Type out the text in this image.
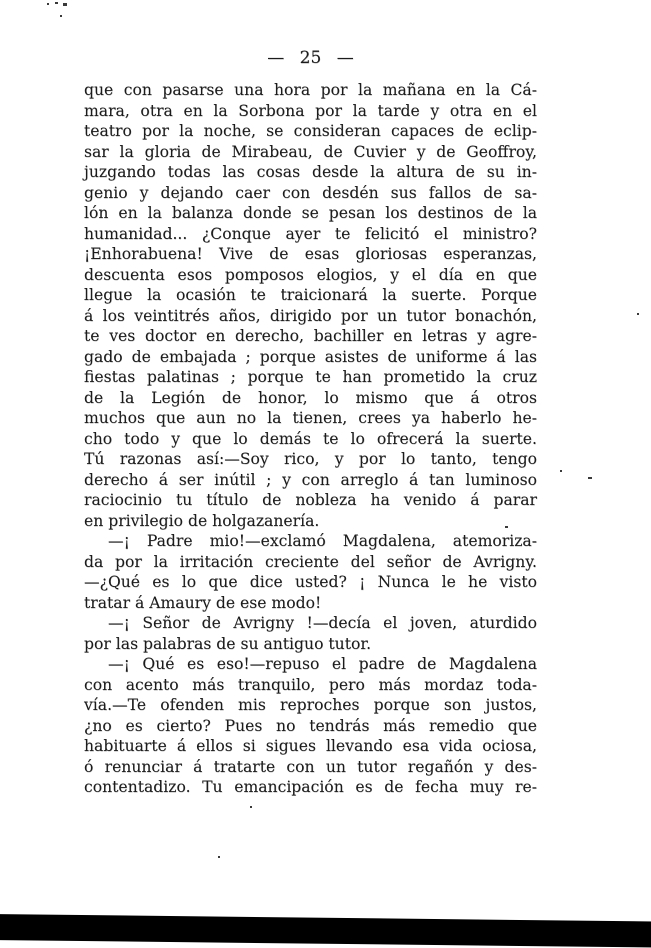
— 25 —
que con pasarse una hora por la mañana en la Cá-
mara, otra en la Sorbona por la tarde y otra en el
teatro por la noche, se consideran capaces de eclip-
sar la gloria de Mirabeau, de Cuvier y de Geoffroy,
juzgando todas las cosas desde la altura de su in-
genio y dejando caer con desdén sus fallos de sa-
lón en la balanza donde se pesan los destinos de la
humanidad... ¿Conque ayer te felicitó el ministro?
¡Enhorabuena! Vive de esas gloriosas esperanzas,
descuenta esos pomposos elogios, y el día en que
llegue la ocasión te traicionará la suerte. Porque
á los veintitrés años, dirigido por un tutor bonachón,
te ves doctor en derecho, bachiller en letras y agre-
gado de embajada ; porque asistes de uniforme á las
fiestas palatinas ; porque te han prometido la cruz
de la Legión de honor, lo mismo que á otros
muchos que aun no la tienen, crees ya haberlo he-
cho todo y que lo demás te lo ofrecerá la suerte.
Tú razonas así:—Soy rico, y por lo tanto, tengo
derecho á ser inútil ; y con arreglo á tan luminoso
raciocinio tu título de nobleza ha venido á parar
en privilegio de holgazanería.
—¡ Padre mio!—exclamó Magdalena, atemoriza-
da por la irritación creciente del señor de Avrigny.
—¿Qué es lo que dice usted? ¡ Nunca le he visto
tratar á Amaury de ese modo!
—¡ Señor de Avrigny !—decía el joven, aturdido
por las palabras de su antiguo tutor.
—¡ Qué es eso!—repuso el padre de Magdalena
con acento más tranquilo, pero más mordaz toda-
vía.—Te ofenden mis reproches porque son justos,
¿no es cierto? Pues no tendrás más remedio que
habituarte á ellos si sigues llevando esa vida ociosa,
ó renunciar á tratarte con un tutor regañón y des-
contentadizo. Tu emancipación es de fecha muy re-
